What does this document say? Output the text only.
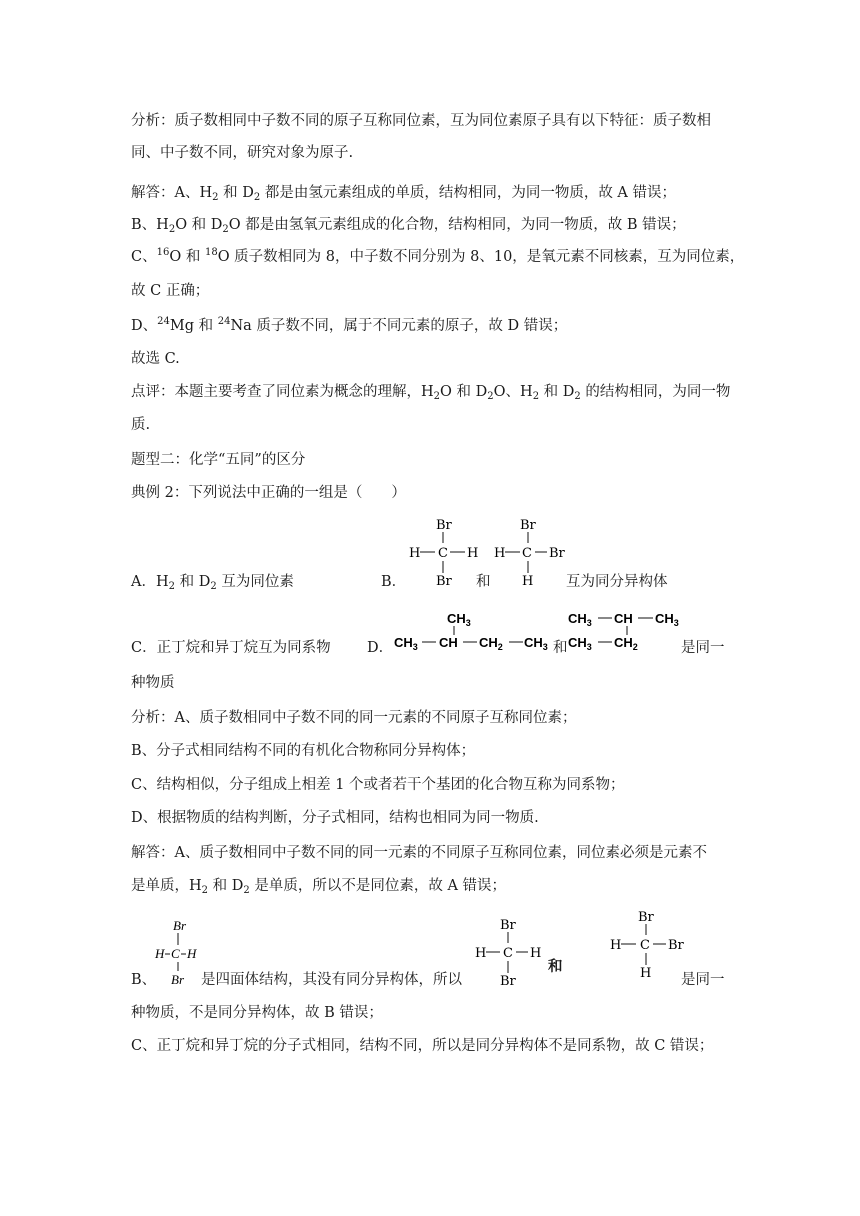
分析：质子数相同中子数不同的原子互称同位素，互为同位素原子具有以下特征：质子数相
同、中子数不同，研究对象为原子.
解答：A、$H_2$ 和 $D_2$ 都是由氢元素组成的单质，结构相同，为同一物质，故 A 错误；
B、$H_2O$ 和 $D_2O$ 都是由氢氧元素组成的化合物，结构相同，为同一物质，故 B 错误；
C、$^{16}$O 和 $^{18}$O 质子数相同为 8，中子数不同分别为 8、10，是氧元素不同核素，互为同位素，
故 C 正确；
D、$^{24}$Mg 和 $^{24}$Na 质子数不同，属于不同元素的原子，故 D 错误；
故选 C.
点评：本题主要考查了同位素为概念的理解，$H_2O$ 和 $D_2O$、$H_2$ 和 $D_2$ 的结构相同，为同一物
质.
题型二：化学“五同”的区分
典例 2：下列说法中正确的一组是（　　）
A．$H_2$ 和 $D_2$ 互为同位素	B．
Br
H C H
Br 和
Br
H C Br
H 互为同分异构体
C．正丁烷和异丁烷互为同系物	D．
$CH_3$
$CH_3$ CH $CH_2$ $CH_3$ 和
$CH_3$ CH $CH_3$
$CH_3$ $CH_2$	是同一
种物质
分析：A、质子数相同中子数不同的同一元素的不同原子互称同位素；
B、分子式相同结构不同的有机化合物称同分异构体；
C、结构相似，分子组成上相差 1 个或者若干个基团的化合物互称为同系物；
D、根据物质的结构判断，分子式相同，结构也相同为同一物质.
解答：A、质子数相同中子数不同的同一元素的不同原子互称同位素，同位素必须是元素不
是单质，$H_2$ 和 $D_2$ 是单质，所以不是同位素，故 A 错误；
B、
Br
H C H
Br 是四面体结构，其没有同分异构体，所以
Br
H C H
Br
和
Br
H C Br
H 是同一
种物质，不是同分异构体，故 B 错误；
C、正丁烷和异丁烷的分子式相同，结构不同，所以是同分异构体不是同系物，故 C 错误；
